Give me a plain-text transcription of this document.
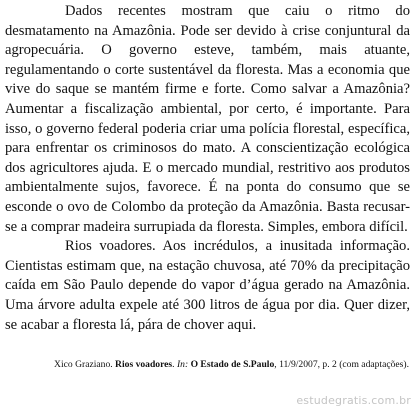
Dados recentes mostram que caiu o ritmo do desmatamento na Amazônia. Pode ser devido à crise conjuntural da agropecuária. O governo esteve, também, mais atuante, regulamentando o corte sustentável da floresta. Mas a economia que vive do saque se mantém firme e forte. Como salvar a Amazônia? Aumentar a fiscalização ambiental, por certo, é importante. Para isso, o governo federal poderia criar uma polícia florestal, específica, para enfrentar os criminosos do mato. A conscientização ecológica dos agricultores ajuda. E o mercado mundial, restritivo aos produtos ambientalmente sujos, favorece. É na ponta do consumo que se esconde o ovo de Colombo da proteção da Amazônia. Basta recusar-se a comprar madeira surrupiada da floresta. Simples, embora difícil.

Rios voadores. Aos incrédulos, a inusitada informação. Cientistas estimam que, na estação chuvosa, até 70% da precipitação caída em São Paulo depende do vapor d’água gerado na Amazônia. Uma árvore adulta expele até 300 litros de água por dia. Quer dizer, se acabar a floresta lá, pára de chover aqui.

Xico Graziano. Rios voadores. In: O Estado de S.Paulo, 11/9/2007, p. 2 (com adaptações).

estudegratis.com.br
